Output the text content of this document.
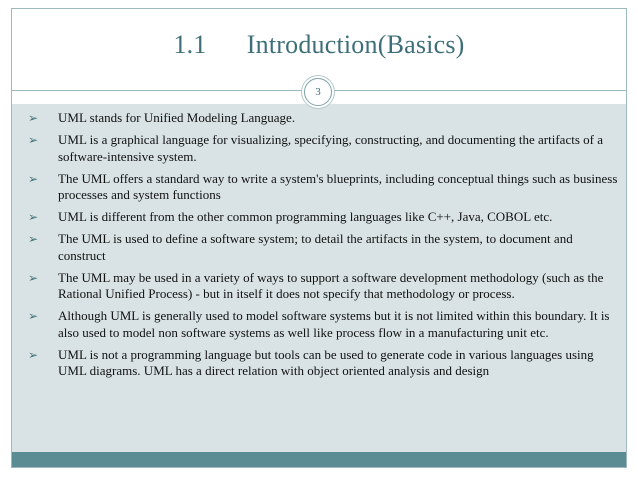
1.1 Introduction(Basics)
➢ UML stands for Unified Modeling Language.
➢ UML is a graphical language for visualizing, specifying, constructing, and documenting the artifacts of a software-intensive system.
➢ The UML offers a standard way to write a system's blueprints, including conceptual things such as business processes and system functions
➢ UML is different from the other common programming languages like C++, Java, COBOL etc.
➢ The UML is used to define a software system; to detail the artifacts in the system, to document and construct
➢ The UML may be used in a variety of ways to support a software development methodology (such as the Rational Unified Process) - but in itself it does not specify that methodology or process.
➢ Although UML is generally used to model software systems but it is not limited within this boundary. It is also used to model non software systems as well like process flow in a manufacturing unit etc.
➢ UML is not a programming language but tools can be used to generate code in various languages using UML diagrams. UML has a direct relation with object oriented analysis and design
3
